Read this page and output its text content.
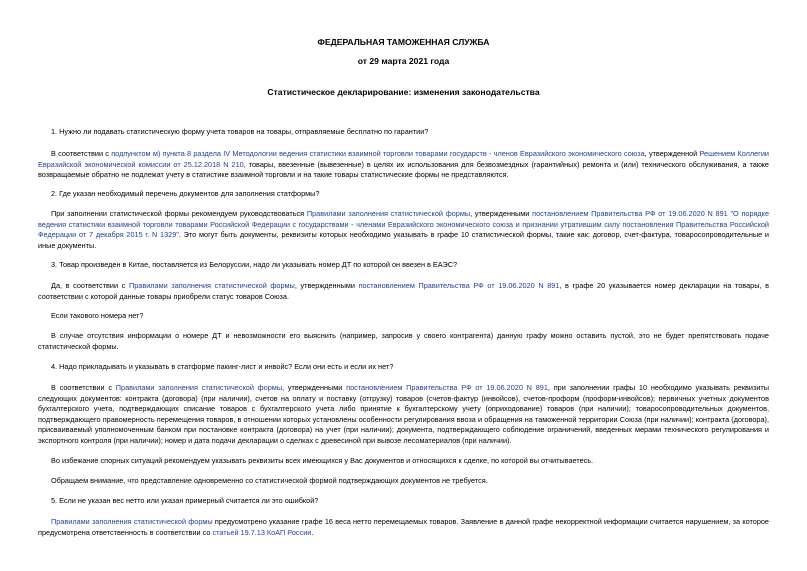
ФЕДЕРАЛЬНАЯ ТАМОЖЕННАЯ СЛУЖБА
от 29 марта 2021 года
Статистическое декларирование: изменения законодательства

1. Нужно ли подавать статистическую форму учета товаров на товары, отправляемые бесплатно по гарантии?

В соответствии с подпунктом м) пункта 8 раздела IV Методологии ведения статистики взаимной торговли товарами государств - членов Евразийского экономического союза, утвержденной Решением Коллегии Евразийской экономической комиссии от 25.12.2018 N 210, товары, ввезенные (вывезенные) в целях их использования для безвозмездных (гарантийных) ремонта и (или) технического обслуживания, а также возвращаемые обратно не подлежат учету в статистике взаимной торговли и на такие товары статистические формы не представляются.

2. Где указан необходимый перечень документов для заполнения статформы?

При заполнении статистической формы рекомендуем руководствоваться Правилами заполнения статистической формы, утвержденными постановлением Правительства РФ от 19.06.2020 N 891 "О порядке ведения статистики взаимной торговли товарами Российской Федерации с государствами - членами Евразийского экономического союза и признании утратившим силу постановления Правительства Российской Федерации от 7 декабря 2015 г. N 1329". Это могут быть документы, реквизиты которых необходимо указывать в графе 10 статистической формы, такие как: договор, счет-фактура, товаросопроводительные и иные документы.

3. Товар произведен в Китае, поставляется из Белоруссии, надо ли указывать номер ДТ по которой он ввезен в ЕАЭС?

Да, в соответствии с Правилами заполнения статистической формы, утвержденными постановлением Правительства РФ от 19.06.2020 N 891, в графе 20 указывается номер декларации на товары, в соответствии с которой данные товары приобрели статус товаров Союза.

Если такового номера нет?

В случае отсутствия информации о номере ДТ и невозможности его выяснить (например, запросив у своего контрагента) данную графу можно оставить пустой, это не будет препятствовать подаче статистической формы.

4. Надо прикладывать и указывать в статформе пакинг-лист и инвойс? Если они есть и если их нет?

В соответствии с Правилами заполнения статистической формы, утвержденными постановлением Правительства РФ от 19.06.2020 N 891, при заполнении графы 10 необходимо указывать реквизиты следующих документов: контракта (договора) (при наличии), счетов на оплату и поставку (отгрузку) товаров (счетов-фактур (инвойсов), счетов-проформ (проформ-инвойсов); первичных учетных документов бухгалтерского учета, подтверждающих списание товаров с бухгалтерского учета либо принятие к бухгалтерскому учету (оприходование) товаров (при наличии); товаросопроводительных документов, подтверждающего правомерность перемещения товаров, в отношении которых установлены особенности регулирования ввоза и обращения на таможенной территории Союза (при наличии); контракта (договора), присваиваемый уполномоченным банком при постановке контракта (договора) на учет (при наличии); документа, подтверждающего соблюдение ограничений, введенных мерами технического регулирования и экспортного контроля (при наличии); номер и дата подачи декларации о сделках с древесиной при вывозе лесоматериалов (при наличии).

Во избежание спорных ситуаций рекомендуем указывать реквизиты всех имеющихся у Вас документов и относящихся к сделке, по которой вы отчитываетесь.

Обращаем внимание, что представление одновременно со статистической формой подтверждающих документов не требуется.

5. Если не указан вес нетто или указан примерный считается ли это ошибкой?

Правилами заполнения статистической формы предусмотрено указание графе 16 веса нетто перемещаемых товаров. Заявление в данной графе некорректной информации считается нарушением, за которое предусмотрена ответственность в соответствии со статьей 19.7.13 КоАП России.
